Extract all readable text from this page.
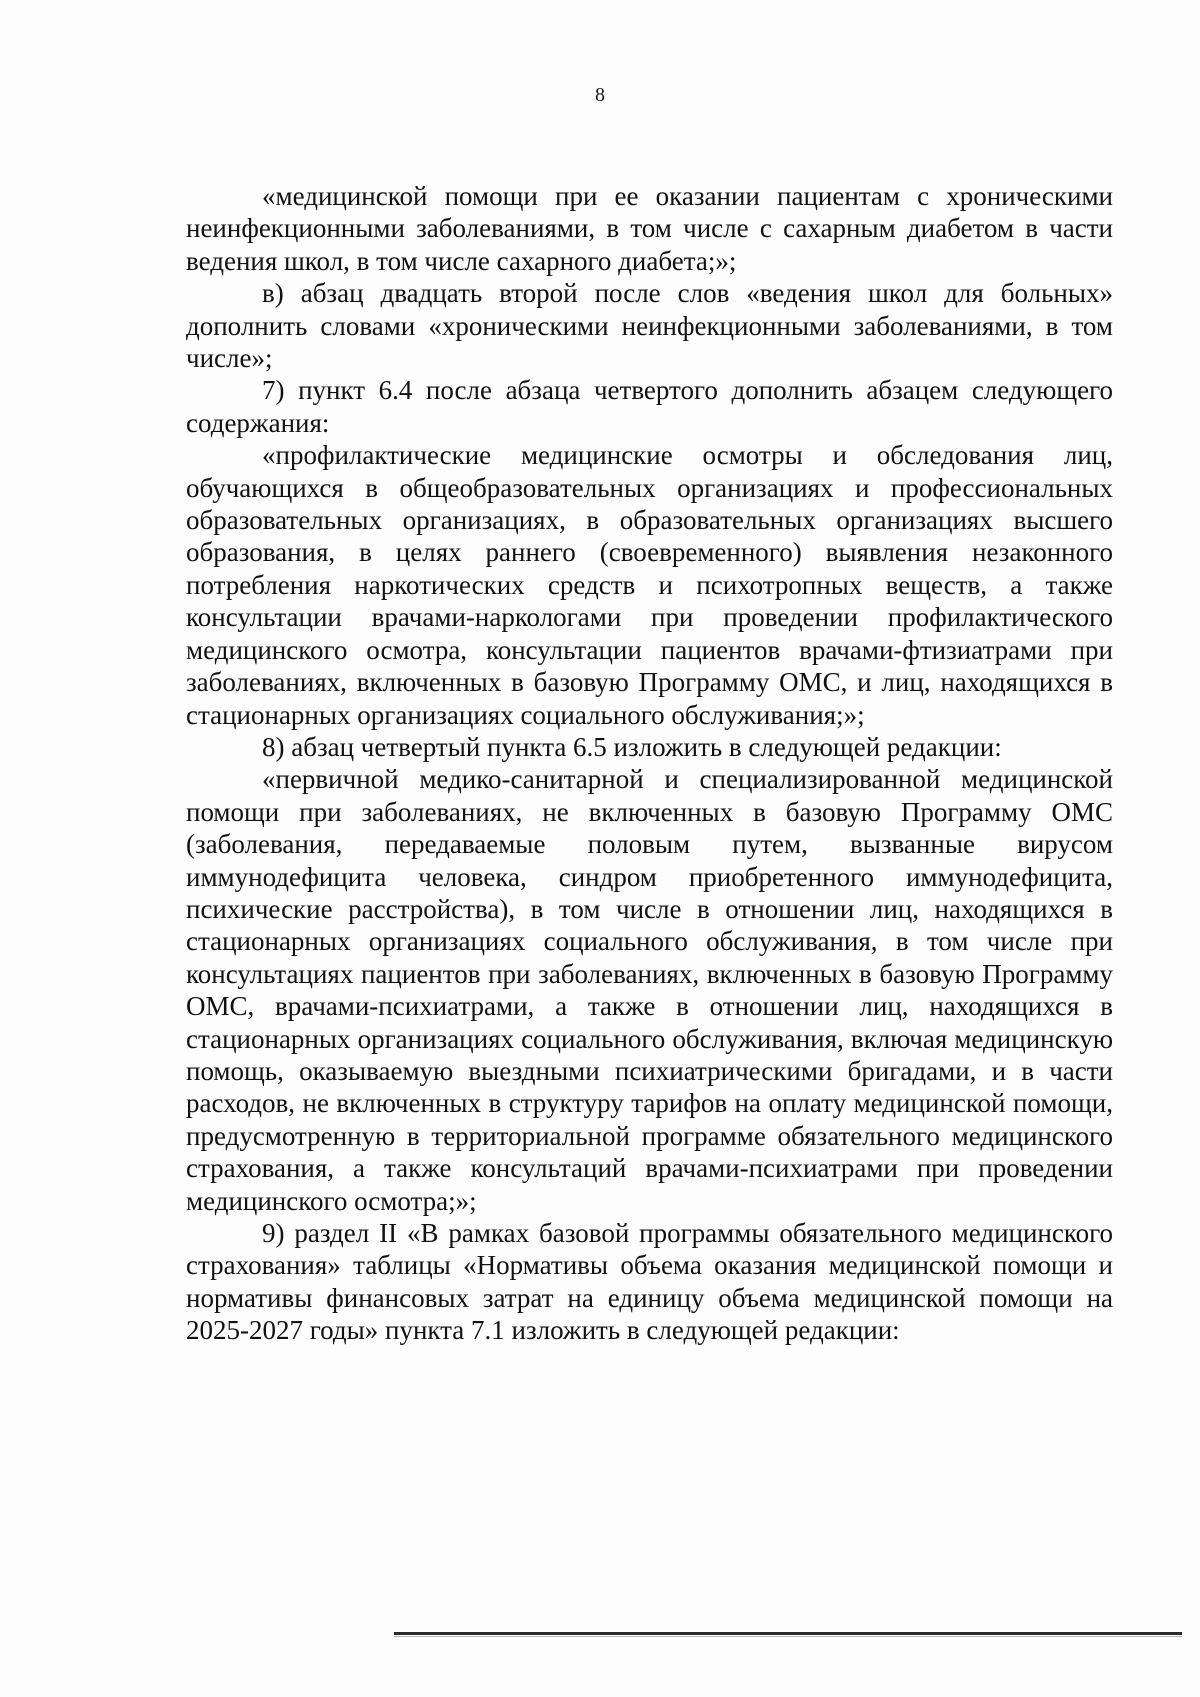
8

«медицинской помощи при ее оказании пациентам с хроническими неинфекционными заболеваниями, в том числе с сахарным диабетом в части ведения школ, в том числе сахарного диабета;»;

в) абзац двадцать второй после слов «ведения школ для больных» дополнить словами «хроническими неинфекционными заболеваниями, в том числе»;

7) пункт 6.4 после абзаца четвертого дополнить абзацем следующего содержания:

«профилактические медицинские осмотры и обследования лиц, обучающихся в общеобразовательных организациях и профессиональных образовательных организациях, в образовательных организациях высшего образования, в целях раннего (своевременного) выявления незаконного потребления наркотических средств и психотропных веществ, а также консультации врачами-наркологами при проведении профилактического медицинского осмотра, консультации пациентов врачами-фтизиатрами при заболеваниях, включенных в базовую Программу ОМС, и лиц, находящихся в стационарных организациях социального обслуживания;»;

8) абзац четвертый пункта 6.5 изложить в следующей редакции:

«первичной медико-санитарной и специализированной медицинской помощи при заболеваниях, не включенных в базовую Программу ОМС (заболевания, передаваемые половым путем, вызванные вирусом иммунодефицита человека, синдром приобретенного иммунодефицита, психические расстройства), в том числе в отношении лиц, находящихся в стационарных организациях социального обслуживания, в том числе при консультациях пациентов при заболеваниях, включенных в базовую Программу ОМС, врачами-психиатрами, а также в отношении лиц, находящихся в стационарных организациях социального обслуживания, включая медицинскую помощь, оказываемую выездными психиатрическими бригадами, и в части расходов, не включенных в структуру тарифов на оплату медицинской помощи, предусмотренную в территориальной программе обязательного медицинского страхования, а также консультаций врачами-психиатрами при проведении медицинского осмотра;»;

9) раздел II «В рамках базовой программы обязательного медицинского страхования» таблицы «Нормативы объема оказания медицинской помощи и нормативы финансовых затрат на единицу объема медицинской помощи на 2025-2027 годы» пункта 7.1 изложить в следующей редакции:
